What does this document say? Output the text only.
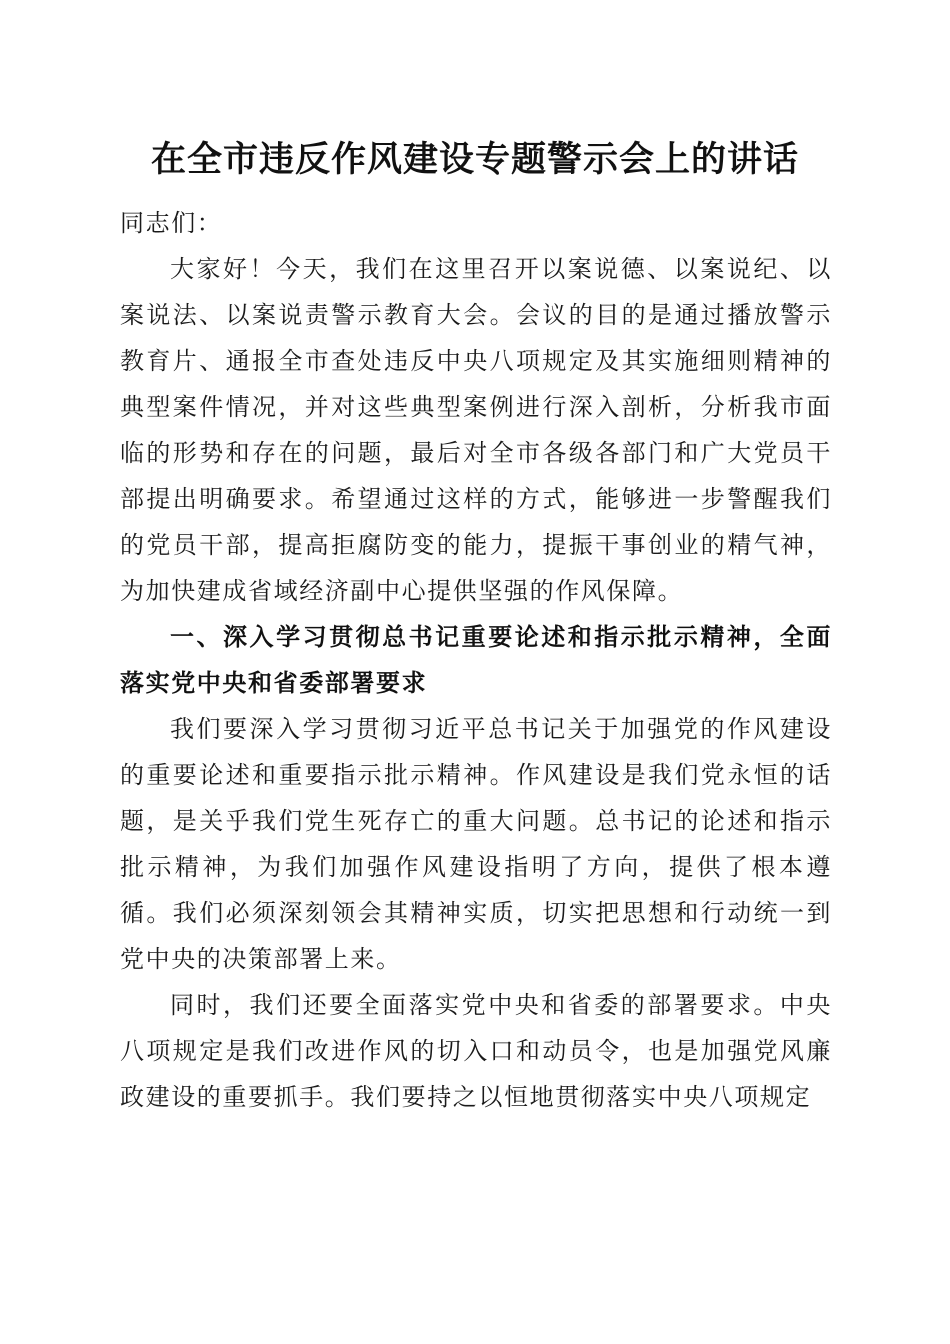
在全市违反作风建设专题警示会上的讲话

同志们：

大家好！今天，我们在这里召开以案说德、以案说纪、以案说法、以案说责警示教育大会。会议的目的是通过播放警示教育片、通报全市查处违反中央八项规定及其实施细则精神的典型案件情况，并对这些典型案例进行深入剖析，分析我市面临的形势和存在的问题，最后对全市各级各部门和广大党员干部提出明确要求。希望通过这样的方式，能够进一步警醒我们的党员干部，提高拒腐防变的能力，提振干事创业的精气神，为加快建成省域经济副中心提供坚强的作风保障。

一、深入学习贯彻总书记重要论述和指示批示精神，全面落实党中央和省委部署要求

我们要深入学习贯彻习近平总书记关于加强党的作风建设的重要论述和重要指示批示精神。作风建设是我们党永恒的话题，是关乎我们党生死存亡的重大问题。总书记的论述和指示批示精神，为我们加强作风建设指明了方向，提供了根本遵循。我们必须深刻领会其精神实质，切实把思想和行动统一到党中央的决策部署上来。

同时，我们还要全面落实党中央和省委的部署要求。中央八项规定是我们改进作风的切入口和动员令，也是加强党风廉政建设的重要抓手。我们要持之以恒地贯彻落实中央八项规定
